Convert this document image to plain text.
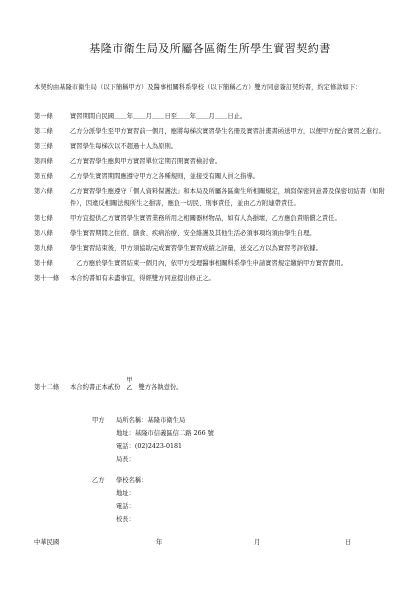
基隆市衛生局及所屬各區衛生所學生實習契約書
本契約由基隆市衛生局（以下簡稱甲方）及醫事相關科系學校（以下簡稱乙方）雙方同意簽訂契約書，約定條款如下：
第一條	實習期間自民國＿＿年＿＿月＿＿日至＿＿年＿＿月＿＿日止。
第二條	乙方分派學生至甲方實習前一個月，應將每梯次實習學生名冊及實習計畫書函送甲方，以便甲方配合實習之進行。
第三條	實習學生每梯次以不超過十人為原則。
第四條	乙方實習學生應與甲方實習單位定期召開實習檢討會。
第五條	乙方學生實習期間應遵守甲方之各種規則，並接受有關人員之指導。
第六條	乙方實習學生應遵守「個人資料保護法」和本局及所屬各區衛生所相關規定，填寫保密同意書及保密切結書（如附件），因違反相關法規所生之損害，應負一切民、刑事責任，並由乙方附連帶責任。
第七條	甲方宜提供乙方實習學生實習業務所用之相關器材物品，如有人為損壞，乙方應負責賠償之責任。
第八條	學生實習期間之住宿、膳食、疾病治療、安全維護及其他生活必須事項均須由學生自理。
第九條	學生實習結束後，甲方須協助完成實習學生實習成績之評量，送交乙方以為實習考評依據。
第十條	　乙方應於學生實習結束一個月內，依甲方受理醫事相關科系學生申請實習規定繳納甲方實習費用。
第十一條	本合約書如有未盡事宜，得經雙方同意提出修正之。
第十二條	本合約書正本貳份
甲
乙 雙方各執壹份。
甲方	局所名稱：基隆市衛生局
地址：基隆市信義區信二路 266 號
電話：(02)2423-0181
局長：
乙方	學校名稱：
地址：
電話：
校長：
中華民國	年	月	日
